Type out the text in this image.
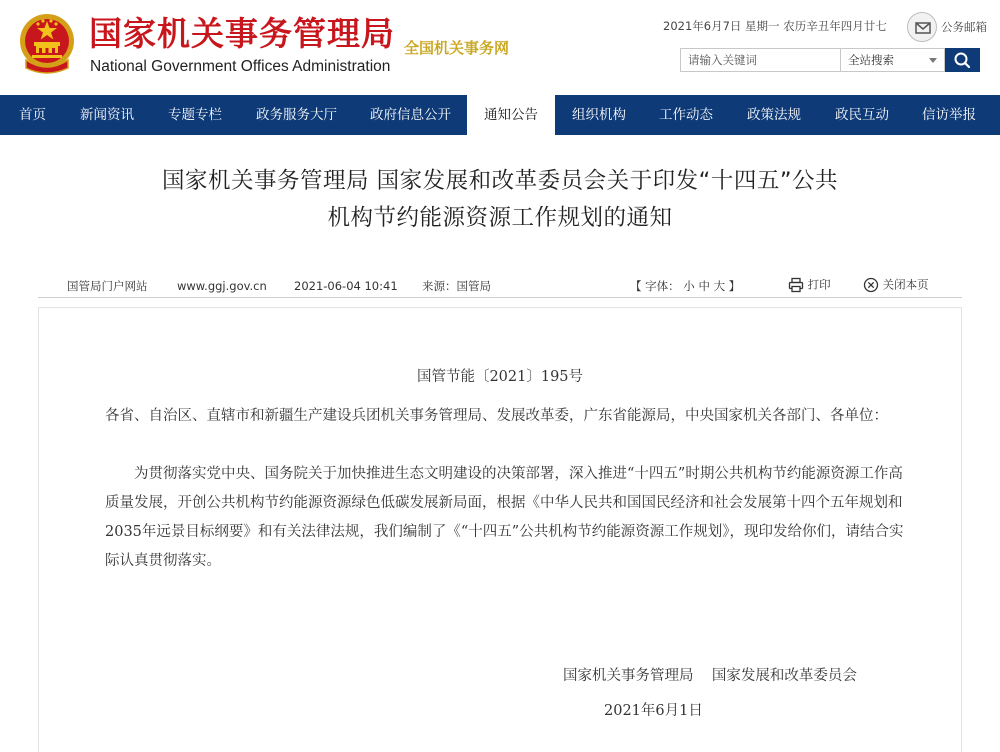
国家机关事务管理局
National Government Offices Administration
全国机关事务网
2021年6月7日 星期一 农历辛丑年四月廿七	公务邮箱
请输入关键词
全站搜索
首页	新闻资讯	专题专栏	政务服务大厅 政府信息公开	通知公告	组织机构 工作动态	政策法规	政民互动 信访举报
国家机关事务管理局 国家发展和改革委员会关于印发“十四五”公共
机构节约能源资源工作规划的通知
国管局门户网站	www.ggj.gov.cn 2021-06-04 10:41 来源：国管局	【 字体： 小 中 大 】	打印	关闭本页
国管节能〔2021〕195号

各省、自治区、直辖市和新疆生产建设兵团机关事务管理局、发展改革委，广东省能源局，中央国家机关各部门、各单位：

为贯彻落实党中央、国务院关于加快推进生态文明建设的决策部署，深入推进“十四五”时期公共机构节约能源资源工作高质量发展，开创公共机构节约能源资源绿色低碳发展新局面，根据《中华人民共和国国民经济和社会发展第十四个五年规划和2035年远景目标纲要》和有关法律法规，我们编制了《“十四五”公共机构节约能源资源工作规划》，现印发给你们，请结合实际认真贯彻落实。

国家机关事务管理局    国家发展和改革委员会
2021年6月1日
